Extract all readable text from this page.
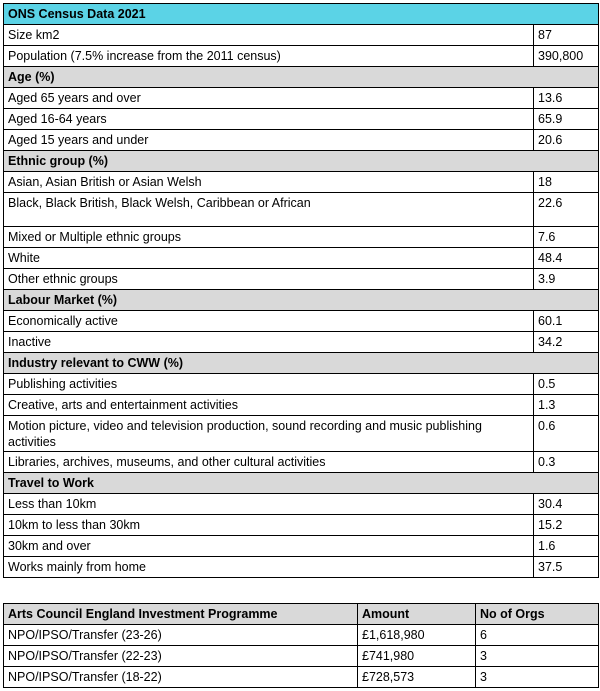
ONS Census Data 2021	
Size km2	87
Population (7.5% increase from the 2011 census)	390,800
Age (%)	
Aged 65 years and over	13.6
Aged 16-64 years	65.9
Aged 15 years and under	20.6
Ethnic group (%)	
Asian, Asian British or Asian Welsh	18
Black, Black British, Black Welsh, Caribbean or African	22.6
Mixed or Multiple ethnic groups	7.6
White	48.4
Other ethnic groups	3.9
Labour Market (%)	
Economically active	60.1
Inactive	34.2
Industry relevant to CWW (%)	
Publishing activities	0.5
Creative, arts and entertainment activities	1.3
Motion picture, video and television production, sound recording and music publishing activities	0.6
Libraries, archives, museums, and other cultural activities	0.3
Travel to Work	
Less than 10km	30.4
10km to less than 30km	15.2
30km and over	1.6
Works mainly from home	37.5
Arts Council England Investment Programme	Amount	No of Orgs
NPO/IPSO/Transfer (23-26)	£1,618,980	6
NPO/IPSO/Transfer (22-23)	£741,980	3
NPO/IPSO/Transfer (18-22)	£728,573	3
